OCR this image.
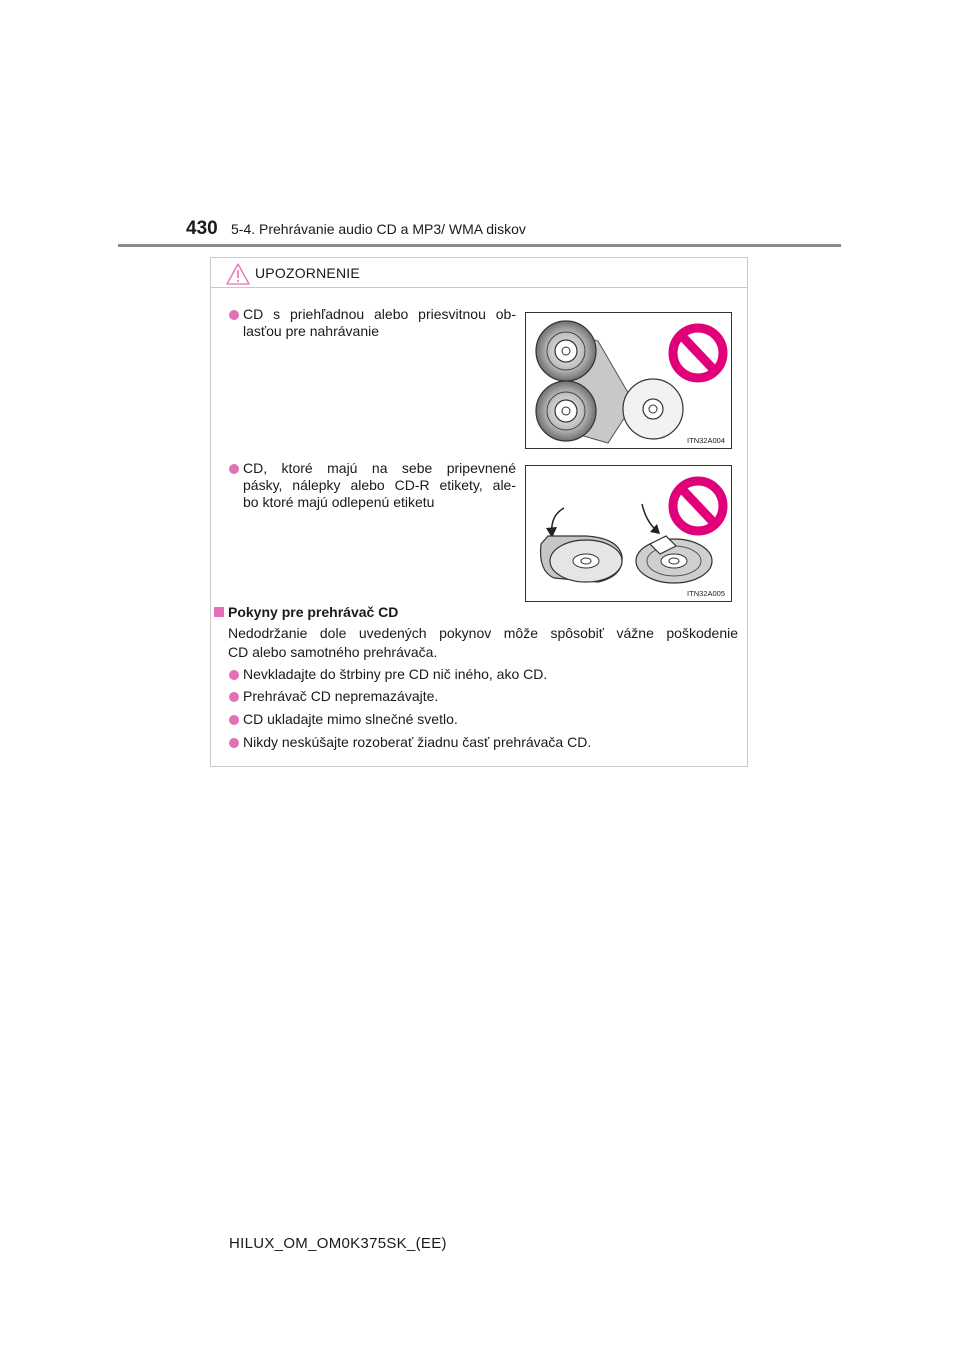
430 5-4. Prehrávanie audio CD a MP3/ WMA diskov
UPOZORNENIE
CD s priehľadnou alebo priesvitnou ob-
lasťou pre nahrávanie
ITN32A004
CD, ktoré majú na sebe pripevnené
pásky, nálepky alebo CD-R etikety, ale-
bo ktoré majú odlepenú etiketu
ITN32A005
Pokyny pre prehrávač CD
Nedodržanie dole uvedených pokynov môže spôsobiť vážne poškodenie
CD alebo samotného prehrávača.
Nevkladajte do štrbiny pre CD nič iného, ako CD.
Prehrávač CD nepremazávajte.
CD ukladajte mimo slnečné svetlo.
Nikdy neskúšajte rozoberať žiadnu časť prehrávača CD.
HILUX_OM_OM0K375SK_(EE)
